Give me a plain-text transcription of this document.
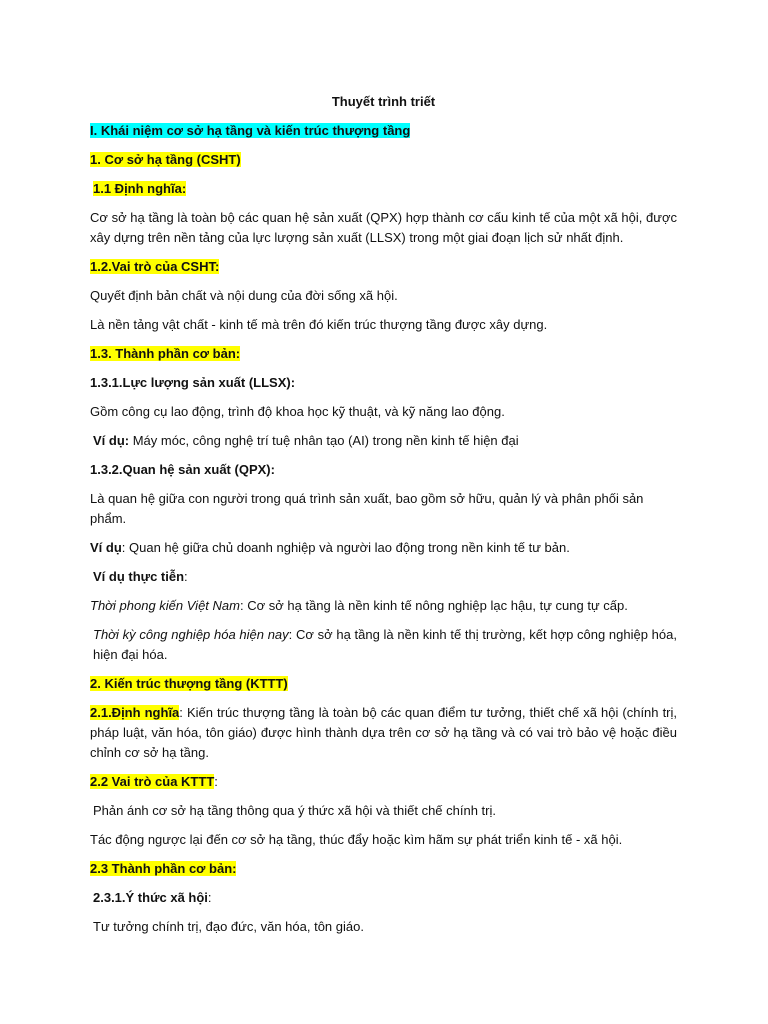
Thuyết trình triết

I. Khái niệm cơ sở hạ tầng và kiến trúc thượng tầng

1. Cơ sở hạ tầng (CSHT)

1.1 Định nghĩa:

Cơ sở hạ tầng là toàn bộ các quan hệ sản xuất (QPX) hợp thành cơ cấu kinh tế của một xã hội, được xây dựng trên nền tảng của lực lượng sản xuất (LLSX) trong một giai đoạn lịch sử nhất định.

1.2.Vai trò của CSHT:

Quyết định bản chất và nội dung của đời sống xã hội.

Là nền tảng vật chất - kinh tế mà trên đó kiến trúc thượng tầng được xây dựng.

1.3. Thành phần cơ bản:

1.3.1.Lực lượng sản xuất (LLSX):

Gồm công cụ lao động, trình độ khoa học kỹ thuật, và kỹ năng lao động.

Ví dụ: Máy móc, công nghệ trí tuệ nhân tạo (AI) trong nền kinh tế hiện đại

1.3.2.Quan hệ sản xuất (QPX):

Là quan hệ giữa con người trong quá trình sản xuất, bao gồm sở hữu, quản lý và phân phối sản phẩm.

Ví dụ: Quan hệ giữa chủ doanh nghiệp và người lao động trong nền kinh tế tư bản.

Ví dụ thực tiễn:

Thời phong kiến Việt Nam: Cơ sở hạ tầng là nền kinh tế nông nghiệp lạc hậu, tự cung tự cấp.

Thời kỳ công nghiệp hóa hiện nay: Cơ sở hạ tầng là nền kinh tế thị trường, kết hợp công nghiệp hóa, hiện đại hóa.

2. Kiến trúc thượng tầng (KTTT)

2.1.Định nghĩa: Kiến trúc thượng tầng là toàn bộ các quan điểm tư tưởng, thiết chế xã hội (chính trị, pháp luật, văn hóa, tôn giáo) được hình thành dựa trên cơ sở hạ tầng và có vai trò bảo vệ hoặc điều chỉnh cơ sở hạ tầng.

2.2 Vai trò của KTTT:

Phản ánh cơ sở hạ tầng thông qua ý thức xã hội và thiết chế chính trị.

Tác động ngược lại đến cơ sở hạ tầng, thúc đẩy hoặc kìm hãm sự phát triển kinh tế - xã hội.

2.3 Thành phần cơ bản:

2.3.1.Ý thức xã hội:

Tư tưởng chính trị, đạo đức, văn hóa, tôn giáo.
